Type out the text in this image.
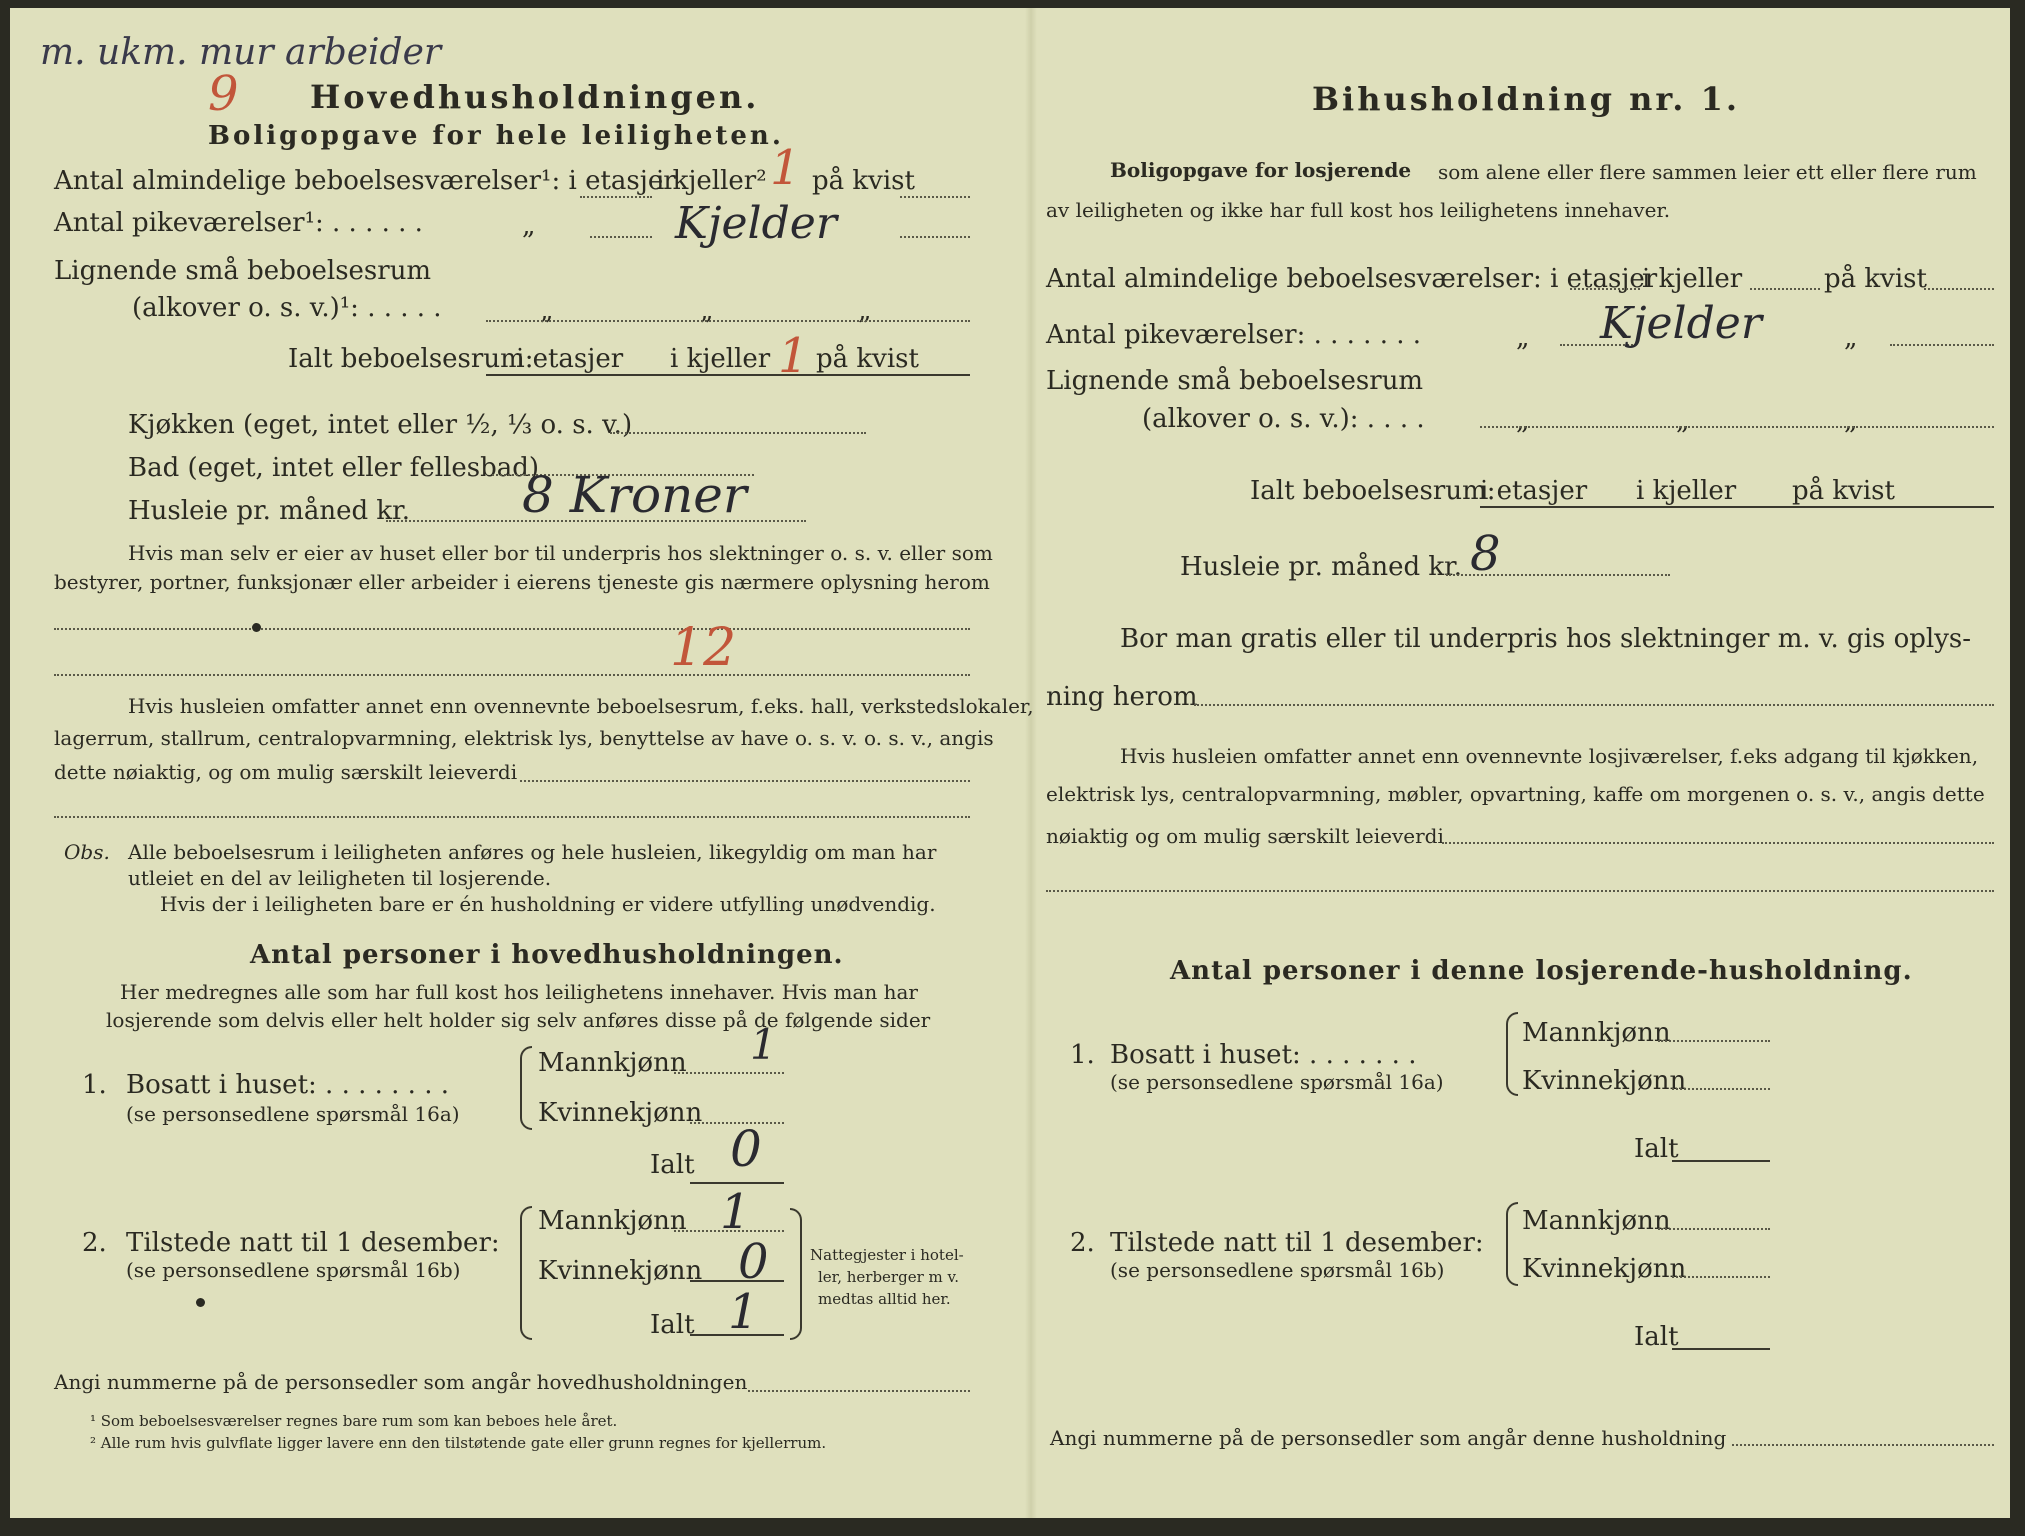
m. ukm. mur arbeider
9 Hovedhusholdningen.
Boligopgave for hele leiligheten.
Antal almindelige beboelsesværelser¹: i etasjer
i kjeller² 1 på kvist
Antal pikeværelser¹: . . . . . .	„	Kjelder
Lignende små beboelsesrum
(alkover o. s. v.)¹: . . . . .	„	„	„
Ialt beboelsesrum:
i etasjer i kjeller 1 på kvist
Kjøkken (eget, intet eller ½, ⅓ o. s. v.)
Bad (eget, intet eller fellesbad)
Husleie pr. måned kr. 8 Kroner
Hvis man selv er eier av huset eller bor til underpris hos slektninger o. s. v. eller som
bestyrer, portner, funksjonær eller arbeider i eierens tjeneste gis nærmere oplysning herom
12
Hvis husleien omfatter annet enn ovennevnte beboelsesrum, f.eks. hall, verkstedslokaler,
lagerrum, stallrum, centralopvarmning, elektrisk lys, benyttelse av have o. s. v. o. s. v., angis
dette nøiaktig, og om mulig særskilt leieverdi
Obs. Alle beboelsesrum i leiligheten anføres og hele husleien, likegyldig om man har
utleiet en del av leiligheten til losjerende.
Hvis der i leiligheten bare er én husholdning er videre utfylling unødvendig.
Antal personer i hovedhusholdningen.
Her medregnes alle som har full kost hos leilighetens innehaver. Hvis man har
losjerende som delvis eller helt holder sig selv anføres disse på de følgende sider
1. Bosatt i huset: . . . . . . . .
(se personsedlene spørsmål 16a)
Mannkjønn 1
Kvinnekjønn
Ialt 0
2. Tilstede natt til 1 desember:
(se personsedlene spørsmål 16b)
Mannkjønn 1
Kvinnekjønn 0
Ialt 1
Nattegjester i hotel-
ler, herberger m v.
medtas alltid her.
Angi nummerne på de personsedler som angår hovedhusholdningen
¹ Som beboelsesværelser regnes bare rum som kan beboes hele året.
² Alle rum hvis gulvflate ligger lavere enn den tilstøtende gate eller grunn regnes for kjellerrum.
Bihusholdning nr. 1.
Boligopgave for losjerende som alene eller flere sammen leier ett eller flere rum
av leiligheten og ikke har full kost hos leilighetens innehaver.
Antal almindelige beboelsesværelser: i etasjer
i kjeller	på kvist
Antal pikeværelser: . . . . . . .	„ Kjelder	„
Lignende små beboelsesrum
(alkover o. s. v.): . . . .	„	„	„
Ialt beboelsesrum:
i etasjer i kjeller på kvist
Husleie pr. måned kr. 8
Bor man gratis eller til underpris hos slektninger m. v. gis oplys-
ning herom
Hvis husleien omfatter annet enn ovennevnte losjiværelser, f.eks adgang til kjøkken,
elektrisk lys, centralopvarmning, møbler, opvartning, kaffe om morgenen o. s. v., angis dette
nøiaktig og om mulig særskilt leieverdi
Antal personer i denne losjerende-husholdning.
1. Bosatt i huset: . . . . . . .
(se personsedlene spørsmål 16a)
Mannkjønn
Kvinnekjønn
Ialt
2. Tilstede natt til 1 desember:
(se personsedlene spørsmål 16b)
Mannkjønn
Kvinnekjønn
Ialt
Angi nummerne på de personsedler som angår denne husholdning
